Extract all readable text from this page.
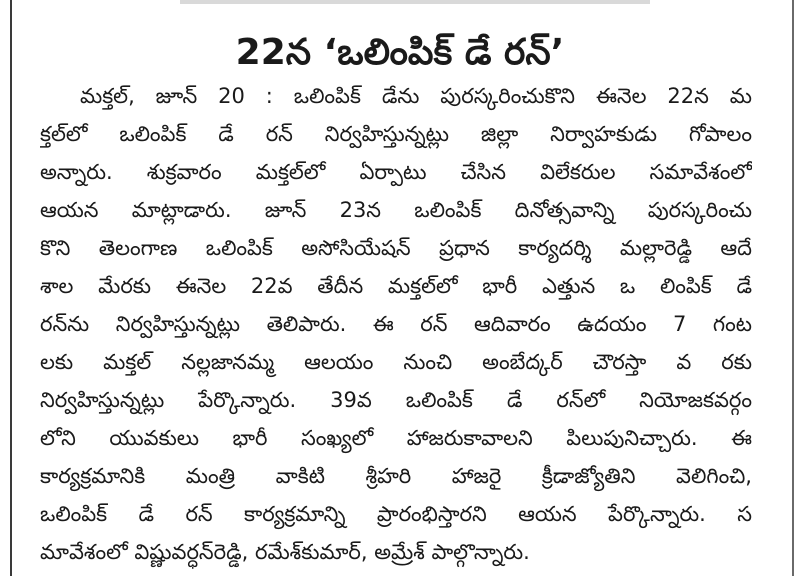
22న ‘ఒలింపిక్ డే రన్’
మక్తల్, జూన్ 20 : ఒలింపిక్ డేను పురస్కరించుకొని ఈనెల 22న మ
క్తల్‌లో ఒలింపిక్ డే రన్ నిర్వహిస్తున్నట్లు జిల్లా నిర్వాహకుడు గోపాలం
అన్నారు. శుక్రవారం మక్తల్‌లో ఏర్పాటు చేసిన విలేకరుల సమావేశంలో
ఆయన మాట్లాడారు. జూన్ 23న ఒలింపిక్ దినోత్సవాన్ని పురస్కరించు
కొని తెలంగాణ ఒలింపిక్ అసోసియేషన్ ప్రధాన కార్యదర్శి మల్లారెడ్డి ఆదే
శాల మేరకు ఈనెల 22వ తేదీన మక్తల్‌లో భారీ ఎత్తున ఒ లింపిక్ డే
రన్‌ను నిర్వహిస్తున్నట్లు తెలిపారు. ఈ రన్ ఆదివారం ఉదయం 7 గంట
లకు మక్తల్ నల్లజానమ్మ ఆలయం నుంచి అంబేద్కర్ చౌరస్తా వ రకు
నిర్వహిస్తున్నట్లు పేర్కొన్నారు. 39వ ఒలింపిక్ డే రన్‌లో నియోజకవర్గం
లోని యువకులు భారీ సంఖ్యలో హాజరుకావాలని పిలుపునిచ్చారు. ఈ
కార్యక్రమానికి మంత్రి వాకిటి శ్రీహరి హాజరై క్రీడాజ్యోతిని వెలిగించి,
ఒలింపిక్ డే రన్ కార్యక్రమాన్ని ప్రారంభిస్తారని ఆయన పేర్కొన్నారు. స
మావేశంలో విష్ణువర్ధన్‌రెడ్డి, రమేశ్‌కుమార్, అమ్రేశ్ పాల్గొన్నారు.
